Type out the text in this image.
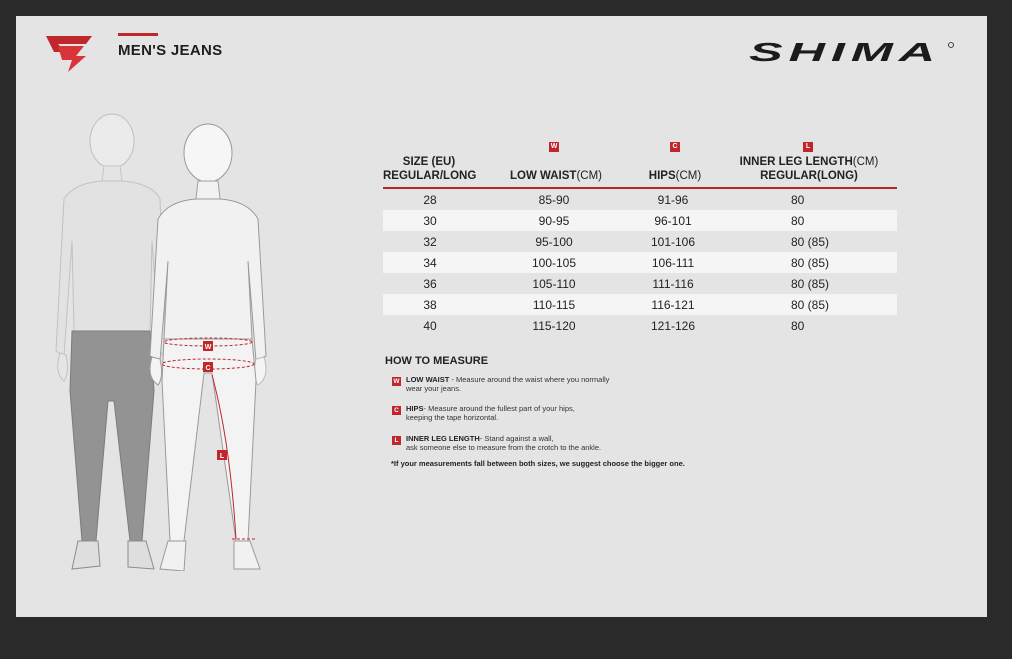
MEN'S JEANS	SHIMA
W
C
L
SIZE (EU)
REGULAR/LONG
W
LOW WAIST(CM)
C
HIPS(CM)
L
INNER LEG LENGTH(CM)
REGULAR(LONG)
28	85-90	91-96	80
30	90-95	96-101	80
32	95-100	101-106	80 (85)
34	100-105	106-111	80 (85)
36	105-110	111-116	80 (85)
38	110-115	116-121	80 (85)
40	115-120	121-126	80
HOW TO MEASURE
W LOW WAIST - Measure around the waist where you normally
wear your jeans.
C HIPS- Measure around the fullest part of your hips,
keeping the tape horizontal.
L	INNER LEG LENGTH- Stand against a wall,
ask someone else to measure from the crotch to the ankle.
*If your measurements fall between both sizes, we suggest choose the bigger one.
